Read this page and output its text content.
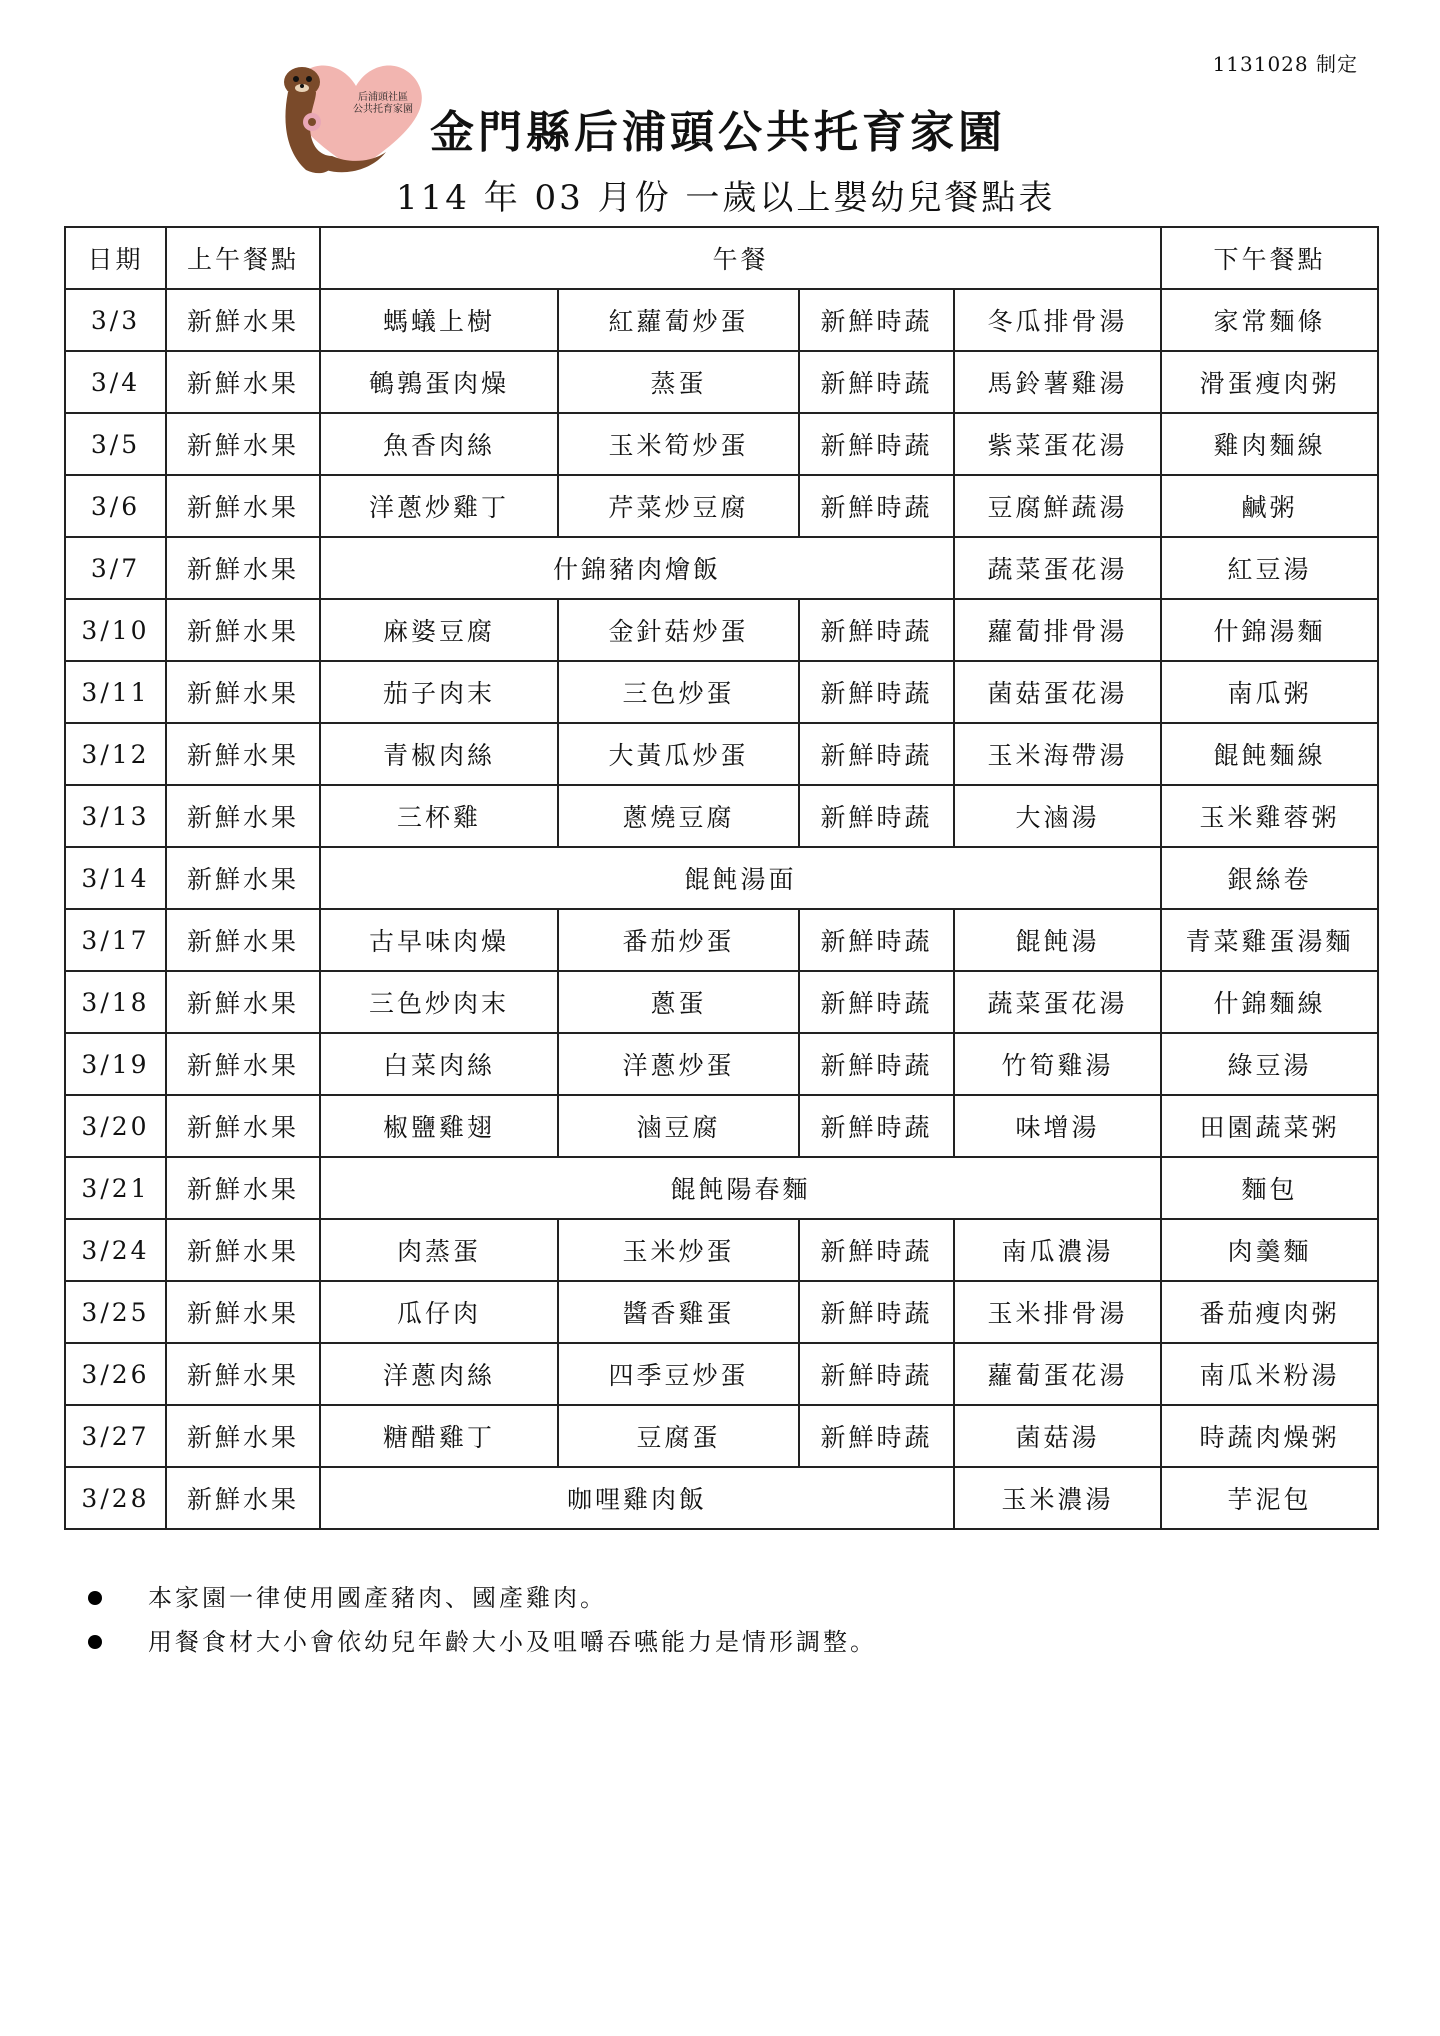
1131028 制定
后浦頭社區
公共托育家園 金門縣后浦頭公共托育家園
114 年 03 月份 一歲以上嬰幼兒餐點表
日期	上午餐點	午餐				下午餐點
3/3	新鮮水果	螞蟻上樹	紅蘿蔔炒蛋	新鮮時蔬	冬瓜排骨湯	家常麵條
3/4	新鮮水果	鵪鶉蛋肉燥	蒸蛋	新鮮時蔬	馬鈴薯雞湯	滑蛋瘦肉粥
3/5	新鮮水果	魚香肉絲	玉米筍炒蛋	新鮮時蔬	紫菜蛋花湯	雞肉麵線
3/6	新鮮水果	洋蔥炒雞丁	芹菜炒豆腐	新鮮時蔬	豆腐鮮蔬湯	鹹粥
3/7	新鮮水果	什錦豬肉燴飯			蔬菜蛋花湯	紅豆湯
3/10	新鮮水果	麻婆豆腐	金針菇炒蛋	新鮮時蔬	蘿蔔排骨湯	什錦湯麵
3/11	新鮮水果	茄子肉末	三色炒蛋	新鮮時蔬	菌菇蛋花湯	南瓜粥
3/12	新鮮水果	青椒肉絲	大黃瓜炒蛋	新鮮時蔬	玉米海帶湯	餛飩麵線
3/13	新鮮水果	三杯雞	蔥燒豆腐	新鮮時蔬	大滷湯	玉米雞蓉粥
3/14	新鮮水果	餛飩湯面				銀絲卷
3/17	新鮮水果	古早味肉燥	番茄炒蛋	新鮮時蔬	餛飩湯	青菜雞蛋湯麵
3/18	新鮮水果	三色炒肉末	蔥蛋	新鮮時蔬	蔬菜蛋花湯	什錦麵線
3/19	新鮮水果	白菜肉絲	洋蔥炒蛋	新鮮時蔬	竹筍雞湯	綠豆湯
3/20	新鮮水果	椒鹽雞翅	滷豆腐	新鮮時蔬	味增湯	田園蔬菜粥
3/21	新鮮水果	餛飩陽春麵				麵包
3/24	新鮮水果	肉蒸蛋	玉米炒蛋	新鮮時蔬	南瓜濃湯	肉羹麵
3/25	新鮮水果	瓜仔肉	醬香雞蛋	新鮮時蔬	玉米排骨湯	番茄瘦肉粥
3/26	新鮮水果	洋蔥肉絲	四季豆炒蛋	新鮮時蔬	蘿蔔蛋花湯	南瓜米粉湯
3/27	新鮮水果	糖醋雞丁	豆腐蛋	新鮮時蔬	菌菇湯	時蔬肉燥粥
3/28	新鮮水果	咖哩雞肉飯			玉米濃湯	芋泥包
本家園一律使用國產豬肉、國產雞肉。
用餐食材大小會依幼兒年齡大小及咀嚼吞嚥能力是情形調整。
